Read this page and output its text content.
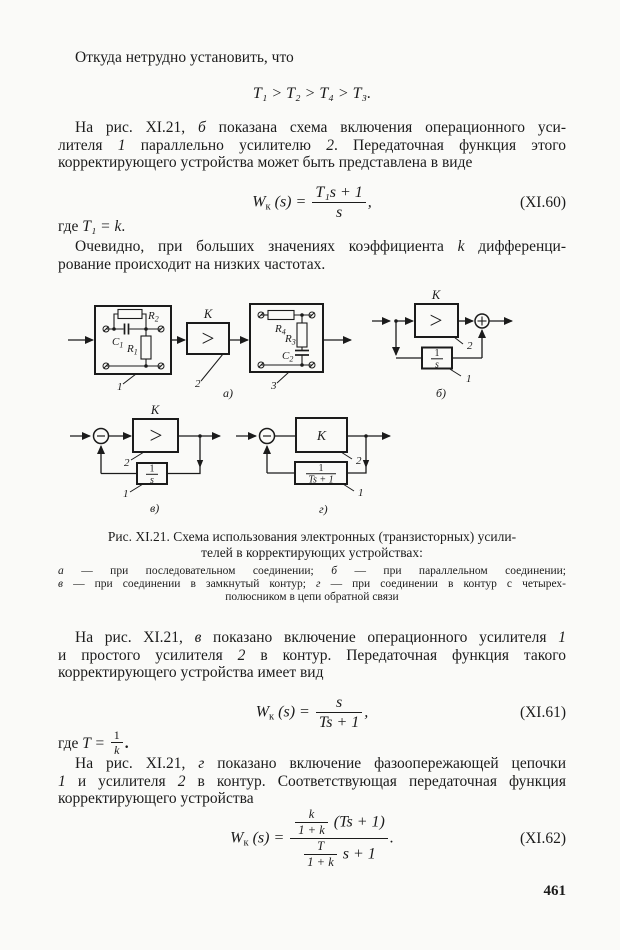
Откуда нетрудно установить, что
T₁ > T₂ > T₄ > T₃.
На рис. XI.21, б показана схема включения операционного уси-
лителя 1 параллельно усилителю 2. Передаточная функция этого
корректирующего устройства может быть представлена в виде
$W_к$ $(s) = \frac{\text{T₁s + 1}}{s}$ ,	(XI.60)
где T₁ = k.
Очевидно, при больших значениях коэффициента k дифференци-
рование происходит на низких частотах.
$R_2$
$C_1$ $R_1$
1
К
>
2
$R_4$
$R_3$
$C_2$
3
а)
К
>
2
1
s
1
б)
К
>
2 1
s
1
в)
К
2
1
Ts + 1
1
г)
Рис. XI.21. Схема использования электронных (транзисторных) усили-
телей в корректирующих устройствах:
а — при последовательном соединении; б — при параллельном соединении;
в — при соединении в замкнутый контур; г — при соединении в контур с четырех-
полюсником в цепи обратной связи
На рис. XI.21, в показано включение операционного усилителя 1
и простого усилителя 2 в контур. Передаточная функция такого
корректирующего устройства имеет вид
$W_к$ $(s) = \frac{s}{Ts + 1}$ ,	(XI.61)
где $T = \frac{1}{k}$ .
На рис. XI.21, г показано включение фазоопережающей цепочки
1 и усилителя 2 в контур. Соответствующая передаточная функция
корректирующего устройства
$W_к$ $(s) = \frac{\frac{k}{1 + k} (Ts + 1)}{\frac{T}{1 + k} s + 1}$ .	(XI.62)
461
